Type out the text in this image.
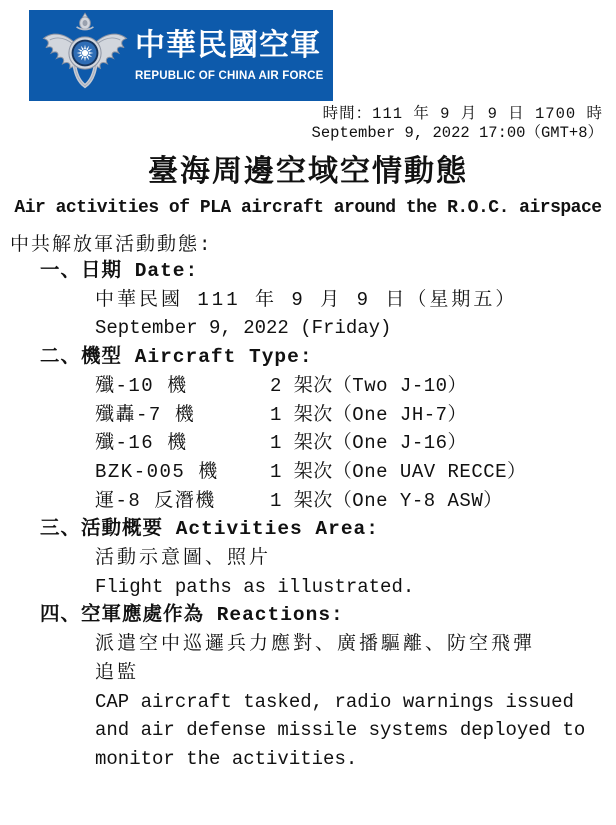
中華民國空軍
REPUBLIC OF CHINA AIR FORCE
時間：111 年 9 月 9 日 1700 時
September 9, 2022 17:00（GMT+8）
臺海周邊空域空情動態
Air activities of PLA aircraft around the R.O.C. airspace
中共解放軍活動動態:
一、日期 Date:
中華民國 111 年 9 月 9 日（星期五）
September 9, 2022 (Friday)
二、機型 Aircraft Type:
殲-10 機	2 架次（Two J-10）
殲轟-7 機	1 架次（One JH-7）
殲-16 機	1 架次（One J-16）
BZK-005 機	1 架次（One UAV RECCE）
運-8 反潛機	1 架次（One Y-8 ASW）
三、活動概要 Activities Area:
活動示意圖、照片
Flight paths as illustrated.
四、空軍應處作為 Reactions:
派遣空中巡邏兵力應對、廣播驅離、防空飛彈
追監
CAP aircraft tasked, radio warnings issued
and air defense missile systems deployed to
monitor the activities.
